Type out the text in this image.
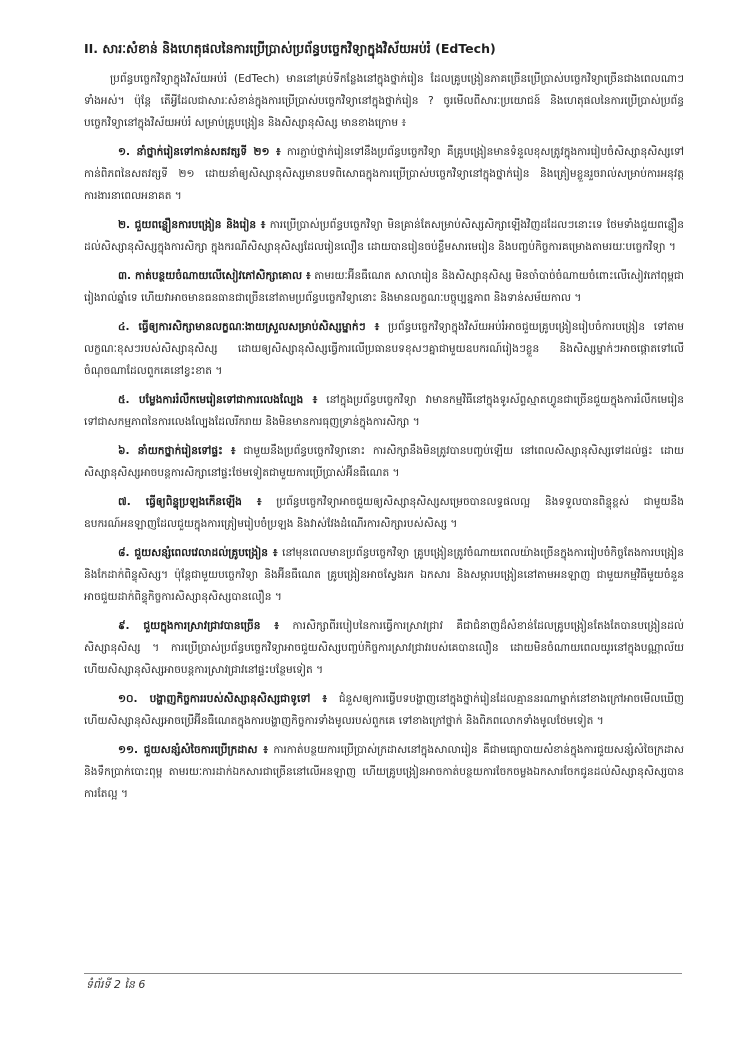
II. សារៈសំខាន់ និងហេតុផលនៃការប្រើប្រាស់ប្រព័ន្ធបច្ចេកវិទ្យាក្នុងវិស័យអប់រំ (EdTech)

ប្រព័ន្ធបច្ចេកវិទ្យាក្នុងវិស័យអប់រំ (EdTech) មាននៅគ្រប់ទីកន្លែងនៅក្នុងថ្នាក់រៀន ដែលគ្រូបង្រៀនភាគច្រើនប្រើប្រាស់បច្ចេកវិទ្យាច្រើនជាងពេលណាៗទាំងអស់។ ប៉ុន្តែ តើអ្វីដែលជាសារៈសំខាន់ក្នុងការប្រើប្រាស់បច្ចេកវិទ្យានៅក្នុងថ្នាក់រៀន ? ចូរមើលពីសារៈប្រយោជន៍ និងហេតុផលនៃការប្រើប្រាស់ប្រព័ន្ធបច្ចេកវិទ្យានៅក្នុងវិស័យអប់រំ សម្រាប់គ្រូបង្រៀន និងសិស្សានុសិស្ស មានខាងក្រោម ៖

១. នាំថ្នាក់រៀនទៅកាន់សតវត្សទី ២១ ៖ ការភ្ជាប់ថ្នាក់រៀនទៅនឹងប្រព័ន្ធបច្ចេកវិទ្យា គឺគ្រូបង្រៀនមានទំនួលខុសត្រូវក្នុងការរៀបចំសិស្សានុសិស្សទៅកាន់ពិភពនៃសតវត្សទី ២១ ដោយនាំឲ្យសិស្សានុសិស្សមានបទពិសោធក្នុងការប្រើប្រាស់បច្ចេកវិទ្យានៅក្នុងថ្នាក់រៀន និងត្រៀមខ្លួនរួចរាល់សម្រាប់ការអនុវត្តការងារនាពេលអនាគត ។

២. ជួយពន្លឿនការបង្រៀន និងរៀន ៖ ការប្រើប្រាស់ប្រព័ន្ធបច្ចេកវិទ្យា មិនគ្រាន់តែសម្រាប់សិស្សសិក្សាឡើងវិញដដែលៗនោះទេ ថែមទាំងជួយពន្លឿនដល់សិស្សានុសិស្សក្នុងការសិក្សា ក្នុងករណីសិស្សានុសិស្សដែលរៀនលឿន ដោយបានរៀនចប់ខ្លឹមសារមេរៀន និងបញ្ចប់កិច្ចការគម្រោងតាមរយៈបច្ចេកវិទ្យា ។

៣. កាត់បន្ថយចំណាយលើសៀវភៅសិក្សាគោល ៖ តាមរយៈអ៊ីនធឺណេត សាលារៀន និងសិស្សានុសិស្ស មិនចាំបាច់ចំណាយចំពោះលើសៀវភៅពុម្ពជារៀងរាល់ឆ្នាំទេ ហើយវាអាចមានធនធានជាច្រើននៅតាមប្រព័ន្ធបច្ចេកវិទ្យានោះ និងមានលក្ខណៈបច្ចុប្បន្នភាព និងទាន់សម័យកាល ។

៤. ធ្វើឲ្យការសិក្សាមានលក្ខណៈងាយស្រួលសម្រាប់សិស្សម្នាក់ៗ ៖ ប្រព័ន្ធបច្ចេកវិទ្យាក្នុងវិស័យអប់រំអាចជួយគ្រូបង្រៀនរៀបចំការបង្រៀន ទៅតាមលក្ខណៈខុសៗរបស់សិស្សានុសិស្ស ដោយឲ្យសិស្សានុសិស្សធ្វើការលើប្រធានបទខុសៗគ្នាជាមួយឧបករណ៍រៀងៗខ្លួន និងសិស្សម្នាក់ៗអាចផ្ដោតទៅលើចំណុចណាដែលពួកគេនៅខ្វះខាត ។

៥. បម្លែងការរំលឹកមេរៀនទៅជាការលេងល្បែង ៖ នៅក្នុងប្រព័ន្ធបច្ចេកវិទ្យា វាមានកម្មវិធីនៅក្នុងទូរស័ព្ទស្មាតហ្វូនជាច្រើនជួយក្នុងការរំលឹកមេរៀន ទៅជាសកម្មភាពនៃការលេងល្បែងដែលរីករាយ និងមិនមានការធុញទ្រាន់ក្នុងការសិក្សា ។

៦. នាំយកថ្នាក់រៀនទៅផ្ទះ ៖ ជាមួយនឹងប្រព័ន្ធបច្ចេកវិទ្យានោះ ការសិក្សានឹងមិនត្រូវបានបញ្ចប់ឡើយ នៅពេលសិស្សានុសិស្សទៅដល់ផ្ទះ ដោយសិស្សានុសិស្សអាចបន្តការសិក្សានៅផ្ទះថែមទៀតជាមួយការប្រើប្រាស់អ៊ីនធឺណេត ។

៧. ធ្វើឲ្យពិន្ទុប្រឡងកើនឡើង ៖ ប្រព័ន្ធបច្ចេកវិទ្យាអាចជួយឲ្យសិស្សានុសិស្សសម្រេចបានលទ្ធផលល្អ និងទទួលបានពិន្ទុខ្ពស់ ជាមួយនឹងឧបករណ៍អនឡាញដែលជួយក្នុងការត្រៀមរៀបចំប្រឡង និងវាស់វែងដំណើរការសិក្សារបស់សិស្ស ។

៨. ជួយសន្សំពេលវេលាដល់គ្រូបង្រៀន ៖ នៅមុនពេលមានប្រព័ន្ធបច្ចេកវិទ្យា គ្រូបង្រៀនត្រូវចំណាយពេលយ៉ាងច្រើនក្នុងការរៀបចំកិច្ចតែងការបង្រៀន និងកែដាក់ពិន្ទុសិស្ស។ ប៉ុន្តែជាមួយបច្ចេកវិទ្យា និងអ៊ីនធឺណេត គ្រូបង្រៀនអាចស្វែងរក ឯកសារ និងសម្ភារបង្រៀននៅតាមអនឡាញ ជាមួយកម្មវិធីមួយចំនួនអាចជួយដាក់ពិន្ទុកិច្ចការសិស្សានុសិស្សបានលឿន ។

៩. ជួយក្នុងការស្រាវជ្រាវបានច្រើន ៖ ការសិក្សាពីរបៀបនៃការធ្វើការស្រាវជ្រាវ គឺជាជំនាញដ៏សំខាន់ដែលគ្រូបង្រៀនតែងតែបានបង្រៀនដល់សិស្សានុសិស្ស ។ ការប្រើប្រាស់ប្រព័ន្ធបច្ចេកវិទ្យាអាចជួយសិស្សបញ្ចប់កិច្ចការស្រាវជ្រាវរបស់គេបានលឿន ដោយមិនចំណាយពេលយូរនៅក្នុងបណ្ណាល័យ ហើយសិស្សានុសិស្សអាចបន្តការស្រាវជ្រាវនៅផ្ទះបន្ថែមទៀត ។

១០. បង្ហាញកិច្ចការរបស់សិស្សានុសិស្សជាទូទៅ ៖ ជំនួសឲ្យការធ្វើបទបង្ហាញនៅក្នុងថ្នាក់រៀនដែលគ្មាននរណាម្នាក់នៅខាងក្រៅអាចមើលឃើញ ហើយសិស្សានុសិស្សអាចប្រើអ៊ីនធឺណេតក្នុងការបង្ហាញកិច្ចការទាំងមូលរបស់ពួកគេ ទៅខាងក្រៅថ្នាក់ និងពិភពលោកទាំងមូលថែមទៀត ។

១១. ជួយសន្សំសំចៃការប្រើក្រដាស ៖ ការកាត់បន្ថយការប្រើប្រាស់ក្រដាសនៅក្នុងសាលារៀន គឺជាមធ្យោបាយសំខាន់ក្នុងការជួយសន្សំសំចៃក្រដាស និងទឹកប្រាក់បោះពុម្ព តាមរយៈការដាក់ឯកសារជាច្រើននៅលើអនឡាញ ហើយគ្រូបង្រៀនអាចកាត់បន្ថយការចែកចម្លងឯកសារចែកជូនដល់សិស្សានុសិស្សបានការតែល្អ ។

ទំព័រទី 2 នៃ 6
